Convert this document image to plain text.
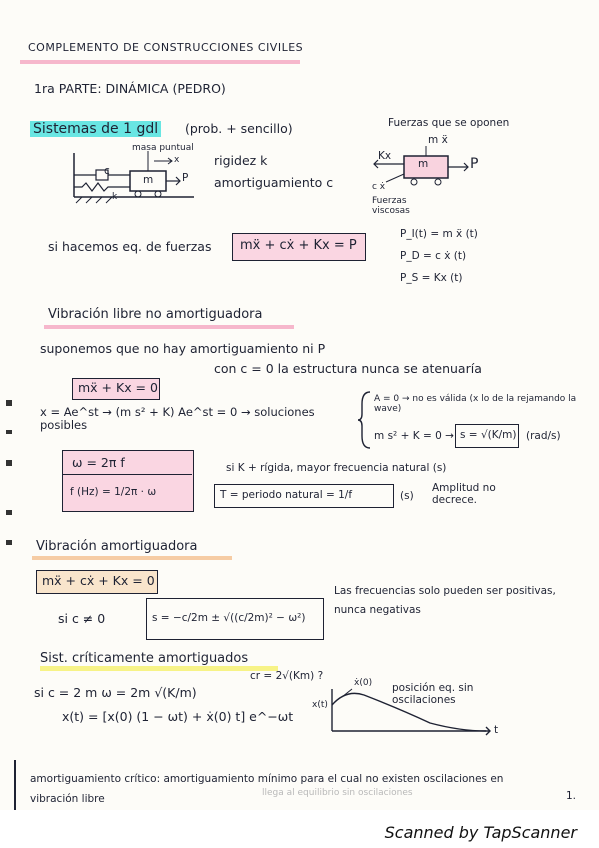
COMPLEMENTO DE CONSTRUCCIONES CIVILES
1ra PARTE: DINÁMICA (PEDRO)
Sistemas de 1 gdl (prob. + sencillo)	Fuerzas que se oponen
masa puntual
x
c
m	P
k
rigidez k
amortiguamiento c
m ẍ
Kx
m	P
c ẋ
Fuerzas viscosas
si hacemos eq. de fuerzas mẍ + cẋ + Kx = P
P_I(t) = m ẍ (t)
P_D = c ẋ (t)
P_S = Kx (t)
Vibración libre no amortiguadora
suponemos que no hay amortiguamiento ni P
con c = 0 la estructura nunca se atenuaría
mẍ + Kx = 0
x = Ae^st → (m s² + K) Ae^st = 0 → soluciones posibles
A = 0 → no es válida (x lo de la rejamando la wave)
m s² + K = 0 → s = √(K/m) (rad/s)
ω = 2π f
f (Hz) = 1/2π · ω
si K + rígida, mayor frecuencia natural (s)
T = periodo natural = 1/f	(s)
Amplitud no decrece.
Vibración amortiguadora
mẍ + cẋ + Kx = 0
si c ≠ 0	s = −c/2m ± √((c/2m)² − ω²)
Las frecuencias solo pueden ser positivas, nunca negativas
Sist. críticamente amortiguados
si c = 2 m ω = 2m √(K/m)
cr = 2√(Km) ?
x(t) = [x(0) (1 − ωt) + ẋ(0) t] e^−ωt
x(t)
ẋ(0) posición eq. sin oscilaciones
t
amortiguamiento crítico: amortiguamiento mínimo para el cual no existen oscilaciones en vibración libre	llega al equilibrio sin oscilaciones	1.
Scanned by TapScanner
